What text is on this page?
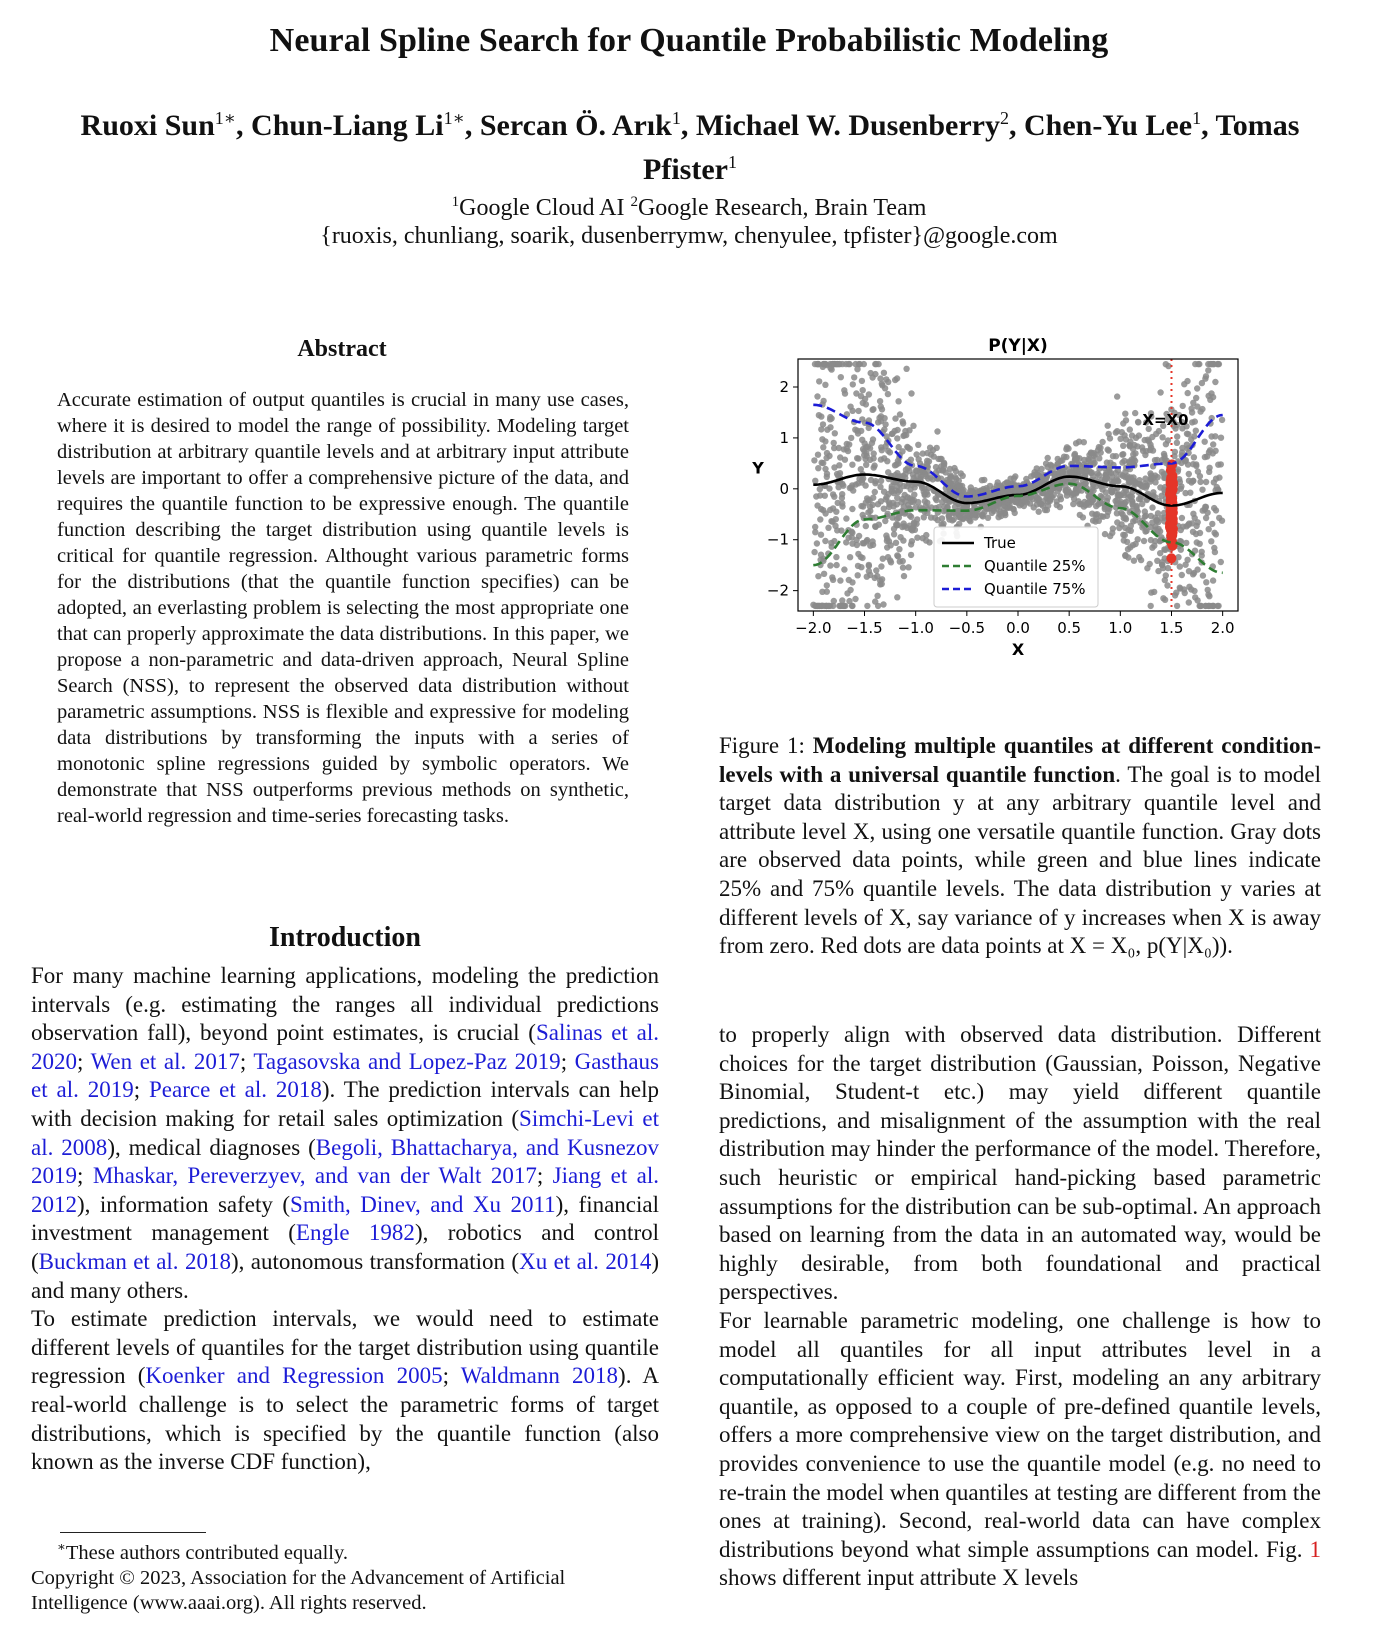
Neural Spline Search for Quantile Probabilistic Modeling
Ruoxi Sun$^{1∗}$, Chun-Liang $Li^{1∗}$, Sercan Ö. Arık$^1$, Michael W. Dusenberry$^2$, Chen-Yu Lee$^1$, Tomas Pfister$^1$
$^1$Google Cloud AI $^2$Google Research, Brain Team
{ruoxis, chunliang, soarik, dusenberrymw, chenyulee, tpfister}@google.com
Abstract
Accurate estimation of output quantiles is crucial in many use cases, where it is desired to model the range of possibility. Modeling target distribution at arbitrary quantile levels and at arbitrary input attribute levels are important to offer a comprehensive picture of the data, and requires the quantile function to be expressive enough. The quantile function describing the target distribution using quantile levels is critical for quantile regression. Althought various parametric forms for the distributions (that the quantile function specifies) can be adopted, an everlasting problem is selecting the most appropriate one that can properly approximate the data distributions. In this paper, we propose a non-parametric and data-driven approach, Neural Spline Search (NSS), to represent the observed data distribution without parametric assumptions. NSS is flexible and expressive for modeling data distributions by transforming the inputs with a series of monotonic spline regressions guided by symbolic operators. We demonstrate that NSS outperforms previous methods on synthetic, real-world regression and time-series forecasting tasks.
Introduction

For many machine learning applications, modeling the prediction intervals (e.g. estimating the ranges all individual predictions observation fall), beyond point estimates, is crucial (Salinas et al. 2020; Wen et al. 2017; Tagasovska and Lopez-Paz 2019; Gasthaus et al. 2019; Pearce et al. 2018). The prediction intervals can help with decision making for retail sales optimization (Simchi-Levi et al. 2008), medical diagnoses (Begoli, Bhattacharya, and Kusnezov 2019; Mhaskar, Pereverzyev, and van der Walt 2017; Jiang et al. 2012), information safety (Smith, Dinev, and Xu 2011), financial investment management (Engle 1982), robotics and control (Buckman et al. 2018), autonomous transformation (Xu et al. 2014) and many others.

To estimate prediction intervals, we would need to estimate different levels of quantiles for the target distribution using quantile regression (Koenker and Regression 2005; Waldmann 2018). A real-world challenge is to select the parametric forms of target distributions, which is specified by the quantile function (also known as the inverse CDF function),

∗These authors contributed equally.
Copyright © 2023, Association for the Advancement of Artificial Intelligence (www.aaai.org). All rights reserved.
X=X0
−2.0 −1.5 −1.0 −0.5 0.0 0.5 1.0 1.5 2.0
2
1
0
−1
−2
P(Y|X)
X
Y
True
Quantile 25%
Quantile 75%
Figure 1: Modeling multiple quantiles at different condition-levels with a universal quantile function. The goal is to model target data distribution y at any arbitrary quantile level and attribute level X, using one versatile quantile function. Gray dots are observed data points, while green and blue lines indicate 25% and 75% quantile levels. The data distribution y varies at different levels of X, say variance of y increases when X is away from zero. Red dots are data points at X = X₀, p(Y|X₀)).

to properly align with observed data distribution. Different choices for the target distribution (Gaussian, Poisson, Negative Binomial, Student-t etc.) may yield different quantile predictions, and misalignment of the assumption with the real distribution may hinder the performance of the model. Therefore, such heuristic or empirical hand-picking based parametric assumptions for the distribution can be sub-optimal. An approach based on learning from the data in an automated way, would be highly desirable, from both foundational and practical perspectives.

For learnable parametric modeling, one challenge is how to model all quantiles for all input attributes level in a computationally efficient way. First, modeling an any arbitrary quantile, as opposed to a couple of pre-defined quantile levels, offers a more comprehensive view on the target distribution, and provides convenience to use the quantile model (e.g. no need to re-train the model when quantiles at testing are different from the ones at training). Second, real-world data can have complex distributions beyond what simple assumptions can model. Fig. 1 shows different input attribute X levels
